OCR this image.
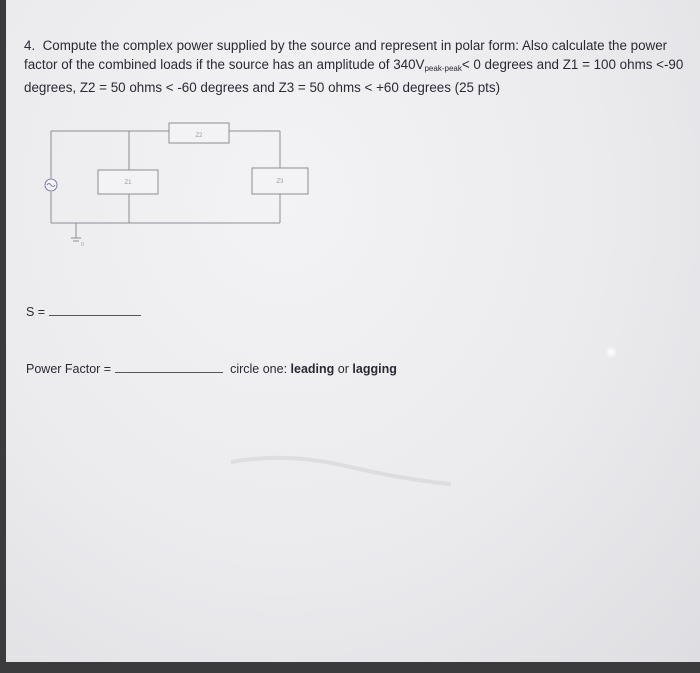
4. Compute the complex power supplied by the source and represent in polar form: Also calculate the power factor of the combined loads if the source has an amplitude of $340V_{peak-peak}< 0$ degrees and Z1 = 100 ohms <-90 degrees, Z2 = 50 ohms < -60 degrees and Z3 = 50 ohms < +60 degrees (25 pts)
Z2
Z1	Z3
0
S =
Power Factor =	circle one: leading or lagging
